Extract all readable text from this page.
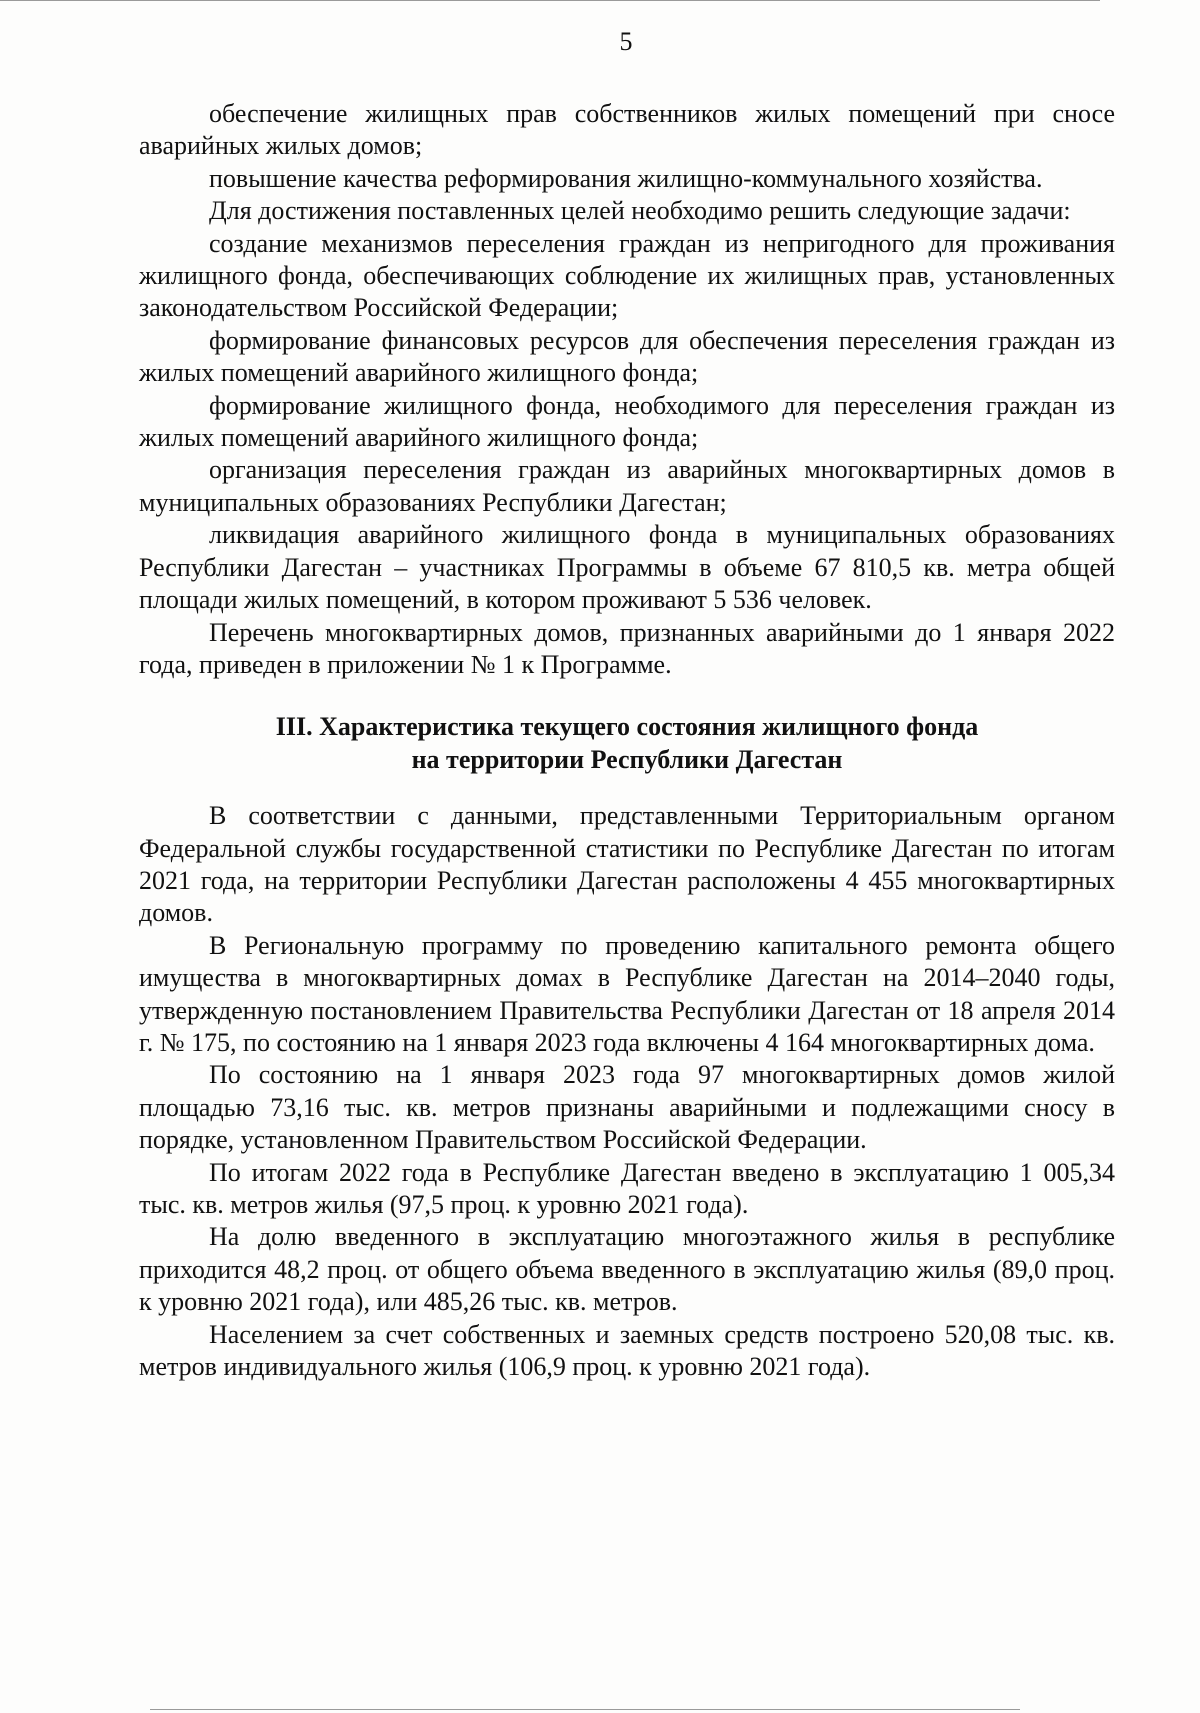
5

обеспечение жилищных прав собственников жилых помещений при сносе аварийных жилых домов;

повышение качества реформирования жилищно-коммунального хозяйства.

Для достижения поставленных целей необходимо решить следующие задачи:

создание механизмов переселения граждан из непригодного для проживания жилищного фонда, обеспечивающих соблюдение их жилищных прав, установленных законодательством Российской Федерации;

формирование финансовых ресурсов для обеспечения переселения граждан из жилых помещений аварийного жилищного фонда;

формирование жилищного фонда, необходимого для переселения граждан из жилых помещений аварийного жилищного фонда;

организация переселения граждан из аварийных многоквартирных домов в муниципальных образованиях Республики Дагестан;

ликвидация аварийного жилищного фонда в муниципальных образованиях Республики Дагестан – участниках Программы в объеме 67 810,5 кв. метра общей площади жилых помещений, в котором проживают 5 536 человек.

Перечень многоквартирных домов, признанных аварийными до 1 января 2022 года, приведен в приложении № 1 к Программе.

III. Характеристика текущего состояния жилищного фонда
на территории Республики Дагестан

В соответствии с данными, представленными Территориальным органом Федеральной службы государственной статистики по Республике Дагестан по итогам 2021 года, на территории Республики Дагестан расположены 4 455 многоквартирных домов.

В Региональную программу по проведению капитального ремонта общего имущества в многоквартирных домах в Республике Дагестан на 2014–2040 годы, утвержденную постановлением Правительства Республики Дагестан от 18 апреля 2014 г. № 175, по состоянию на 1 января 2023 года включены 4 164 многоквартирных дома.

По состоянию на 1 января 2023 года 97 многоквартирных домов жилой площадью 73,16 тыс. кв. метров признаны аварийными и подлежащими сносу в порядке, установленном Правительством Российской Федерации.

По итогам 2022 года в Республике Дагестан введено в эксплуатацию 1 005,34 тыс. кв. метров жилья (97,5 проц. к уровню 2021 года).

На долю введенного в эксплуатацию многоэтажного жилья в республике приходится 48,2 проц. от общего объема введенного в эксплуатацию жилья (89,0 проц. к уровню 2021 года), или 485,26 тыс. кв. метров.

Населением за счет собственных и заемных средств построено 520,08 тыс. кв. метров индивидуального жилья (106,9 проц. к уровню 2021 года).
